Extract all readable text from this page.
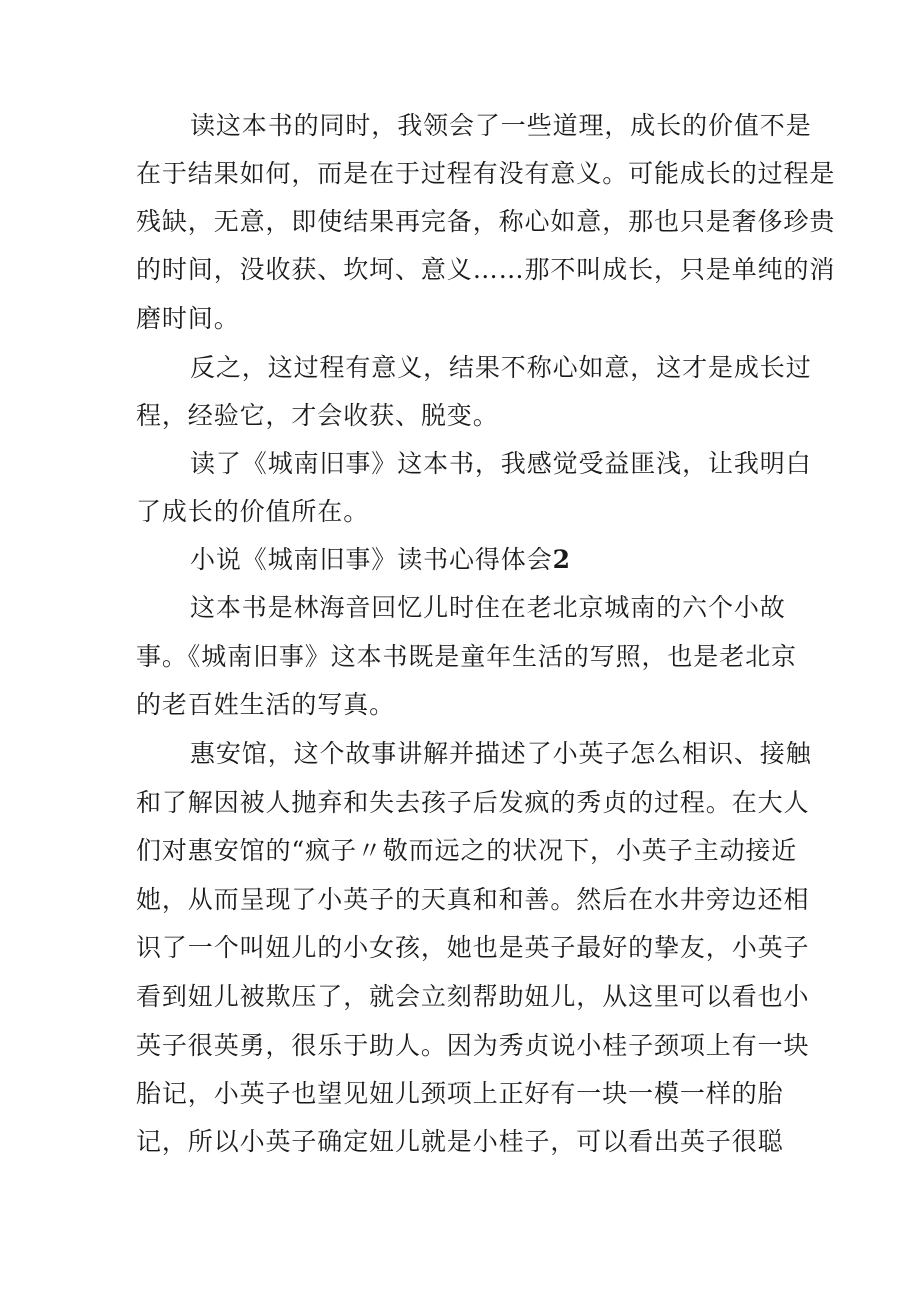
读这本书的同时，我领会了一些道理，成长的价值不是
在于结果如何，而是在于过程有没有意义。可能成长的过程是
残缺，无意，即使结果再完备，称心如意，那也只是奢侈珍贵
的时间，没收获、坎坷、意义……那不叫成长，只是单纯的消
磨时间。
反之，这过程有意义，结果不称心如意，这才是成长过
程，经验它，才会收获、脱变。
读了《城南旧事》这本书，我感觉受益匪浅，让我明白
了成长的价值所在。
小说《城南旧事》读书心得体会2
这本书是林海音回忆儿时住在老北京城南的六个小故
事。《城南旧事》这本书既是童年生活的写照，也是老北京
的老百姓生活的写真。
惠安馆，这个故事讲解并描述了小英子怎么相识、接触
和了解因被人抛弃和失去孩子后发疯的秀贞的过程。在大人
们对惠安馆的“疯子〃敬而远之的状况下，小英子主动接近
她，从而呈现了小英子的天真和和善。然后在水井旁边还相
识了一个叫妞儿的小女孩，她也是英子最好的挚友，小英子
看到妞儿被欺压了，就会立刻帮助妞儿，从这里可以看也小
英子很英勇，很乐于助人。因为秀贞说小桂子颈项上有一块
胎记，小英子也望见妞儿颈项上正好有一块一模一样的胎
记，所以小英子确定妞儿就是小桂子，可以看出英子很聪
